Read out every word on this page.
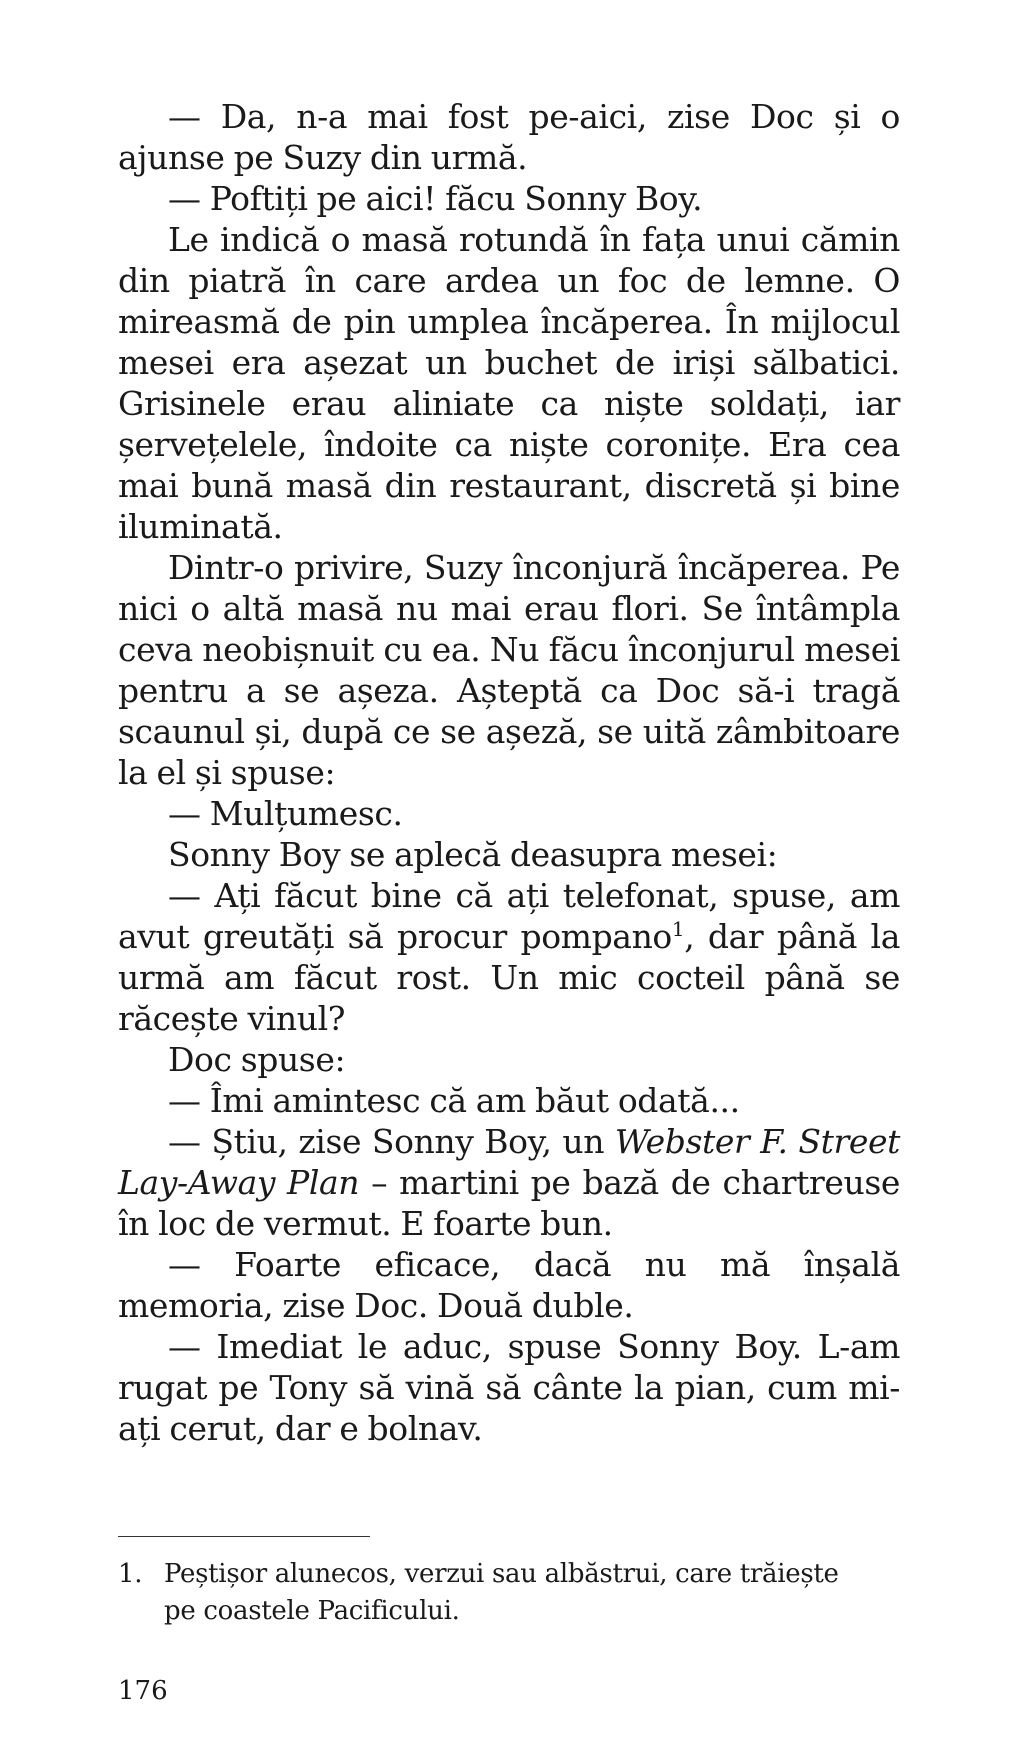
— Da, n-a mai fost pe-aici, zise Doc și o ajunse pe Suzy din urmă.

— Poftiți pe aici! făcu Sonny Boy.

Le indică o masă rotundă în fața unui cămin din piatră în care ardea un foc de lemne. O mireasmă de pin umplea încăperea. În mijlocul mesei era așezat un buchet de iriși sălbatici. Grisinele erau aliniate ca niște soldați, iar șervețelele, îndoite ca niște coronițe. Era cea mai bună masă din restaurant, discretă și bine iluminată.

Dintr-o privire, Suzy înconjură încăperea. Pe nici o altă masă nu mai erau flori. Se întâmpla ceva neobișnuit cu ea. Nu făcu înconjurul mesei pentru a se așeza. Așteptă ca Doc să-i tragă scaunul și, după ce se așeză, se uită zâmbitoare la el și spuse:

— Mulțumesc.

Sonny Boy se aplecă deasupra mesei:

— Ați făcut bine că ați telefonat, spuse, am avut greutăți să procur pompano$^1$, dar până la urmă am făcut rost. Un mic cocteil până se răcește vinul?

Doc spuse:

— Îmi amintesc că am băut odată...

— Știu, zise Sonny Boy, un Webster F. Street Lay-Away Plan – martini pe bază de chartreuse în loc de vermut. E foarte bun.

— Foarte eficace, dacă nu mă înșală memoria, zise Doc. Două duble.

— Imediat le aduc, spuse Sonny Boy. L-am rugat pe Tony să vină să cânte la pian, cum mi-ați cerut, dar e bolnav.

1. Peștișor alunecos, verzui sau albăstrui, care trăiește
pe coastele Pacificului.
176
